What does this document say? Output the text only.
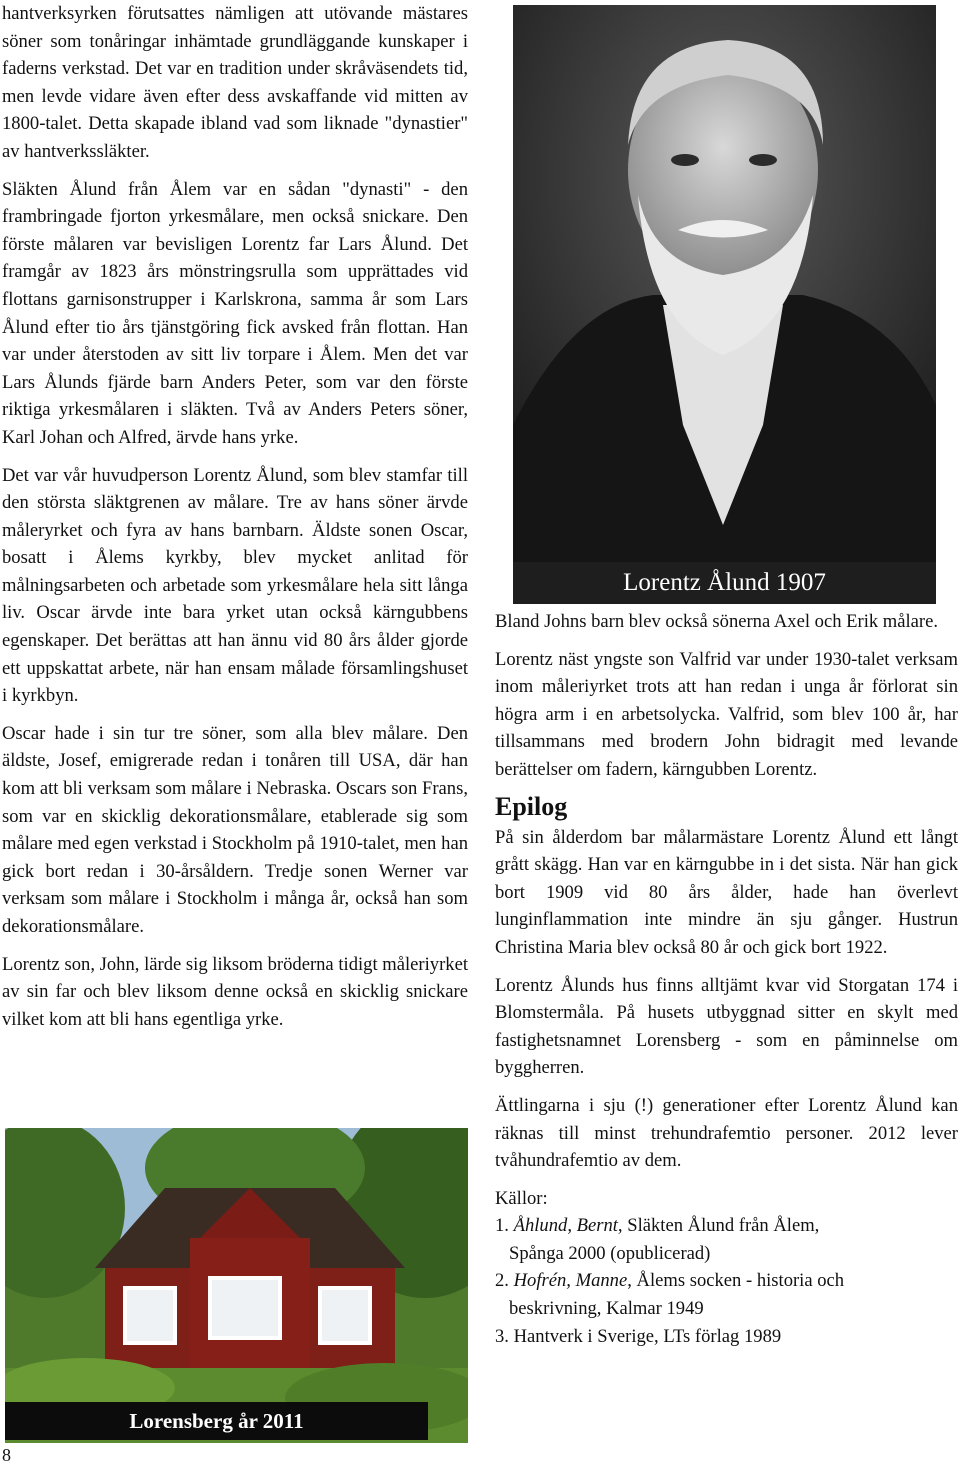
hantverksyrken förutsattes nämligen att utövande mästares söner som tonåringar inhämtade grundläggande kunskaper i faderns verkstad. Det var en tradition under skråväsendets tid, men levde vidare även efter dess avskaffande vid mitten av 1800-talet. Detta skapade ibland vad som liknade "dynastier" av hantverkssläkter.

Släkten Ålund från Ålem var en sådan "dynasti" - den frambringade fjorton yrkesmålare, men också snickare. Den förste målaren var bevisligen Lorentz far Lars Ålund. Det framgår av 1823 års mönstringsrulla som upprättades vid flottans garnisonstrupper i Karlskrona, samma år som Lars Ålund efter tio års tjänstgöring fick avsked från flottan. Han var under återstoden av sitt liv torpare i Ålem. Men det var Lars Ålunds fjärde barn Anders Peter, som var den förste riktiga yrkesmålaren i släkten. Två av Anders Peters söner, Karl Johan och Alfred, ärvde hans yrke.

Det var vår huvudperson Lorentz Ålund, som blev stamfar till den största släktgrenen av målare. Tre av hans söner ärvde måleryrket och fyra av hans barnbarn. Äldste sonen Oscar, bosatt i Ålems kyrkby, blev mycket anlitad för målningsarbeten och arbetade som yrkesmålare hela sitt långa liv. Oscar ärvde inte bara yrket utan också kärngubbens egenskaper. Det berättas att han ännu vid 80 års ålder gjorde ett uppskattat arbete, när han ensam målade församlingshuset i kyrkbyn.

Oscar hade i sin tur tre söner, som alla blev målare. Den äldste, Josef, emigrerade redan i tonåren till USA, där han kom att bli verksam som målare i Nebraska. Oscars son Frans, som var en skicklig dekorationsmålare, etablerade sig som målare med egen verkstad i Stockholm på 1910-talet, men han gick bort redan i 30-årsåldern. Tredje sonen Werner var verksam som målare i Stockholm i många år, också han som dekorationsmålare.

Lorentz son, John, lärde sig liksom bröderna tidigt måleriyrket av sin far och blev liksom denne också en skicklig snickare vilket kom att bli hans egentliga yrke.

Lorentz Ålund 1907

Bland Johns barn blev också sönerna Axel och Erik målare.

Lorentz näst yngste son Valfrid var under 1930-talet verksam inom måleriyrket trots att han redan i unga år förlorat sin högra arm i en arbetsolycka. Valfrid, som blev 100 år, har tillsammans med brodern John bidragit med levande berättelser om fadern, kärngubben Lorentz.

Epilog

På sin ålderdom bar målarmästare Lorentz Ålund ett långt grått skägg. Han var en kärngubbe in i det sista. När han gick bort 1909 vid 80 års ålder, hade han överlevt lunginflammation inte mindre än sju gånger. Hustrun Christina Maria blev också 80 år och gick bort 1922.

Lorentz Ålunds hus finns alltjämt kvar vid Storgatan 174 i Blomstermåla. På husets utbyggnad sitter en skylt med fastighetsnamnet Lorensberg - som en påminnelse om byggherren.

Ättlingarna i sju (!) generationer efter Lorentz Ålund kan räknas till minst trehundrafemtio personer. 2012 lever tvåhundrafemtio av dem.

Källor:

1. Åhlund, Bernt, Släkten Ålund från Ålem,

Spånga 2000 (opublicerad)

2. Hofrén, Manne, Ålems socken - historia och

beskrivning, Kalmar 1949

3. Hantverk i Sverige, LTs förlag 1989

Lorensberg år 2011
8
